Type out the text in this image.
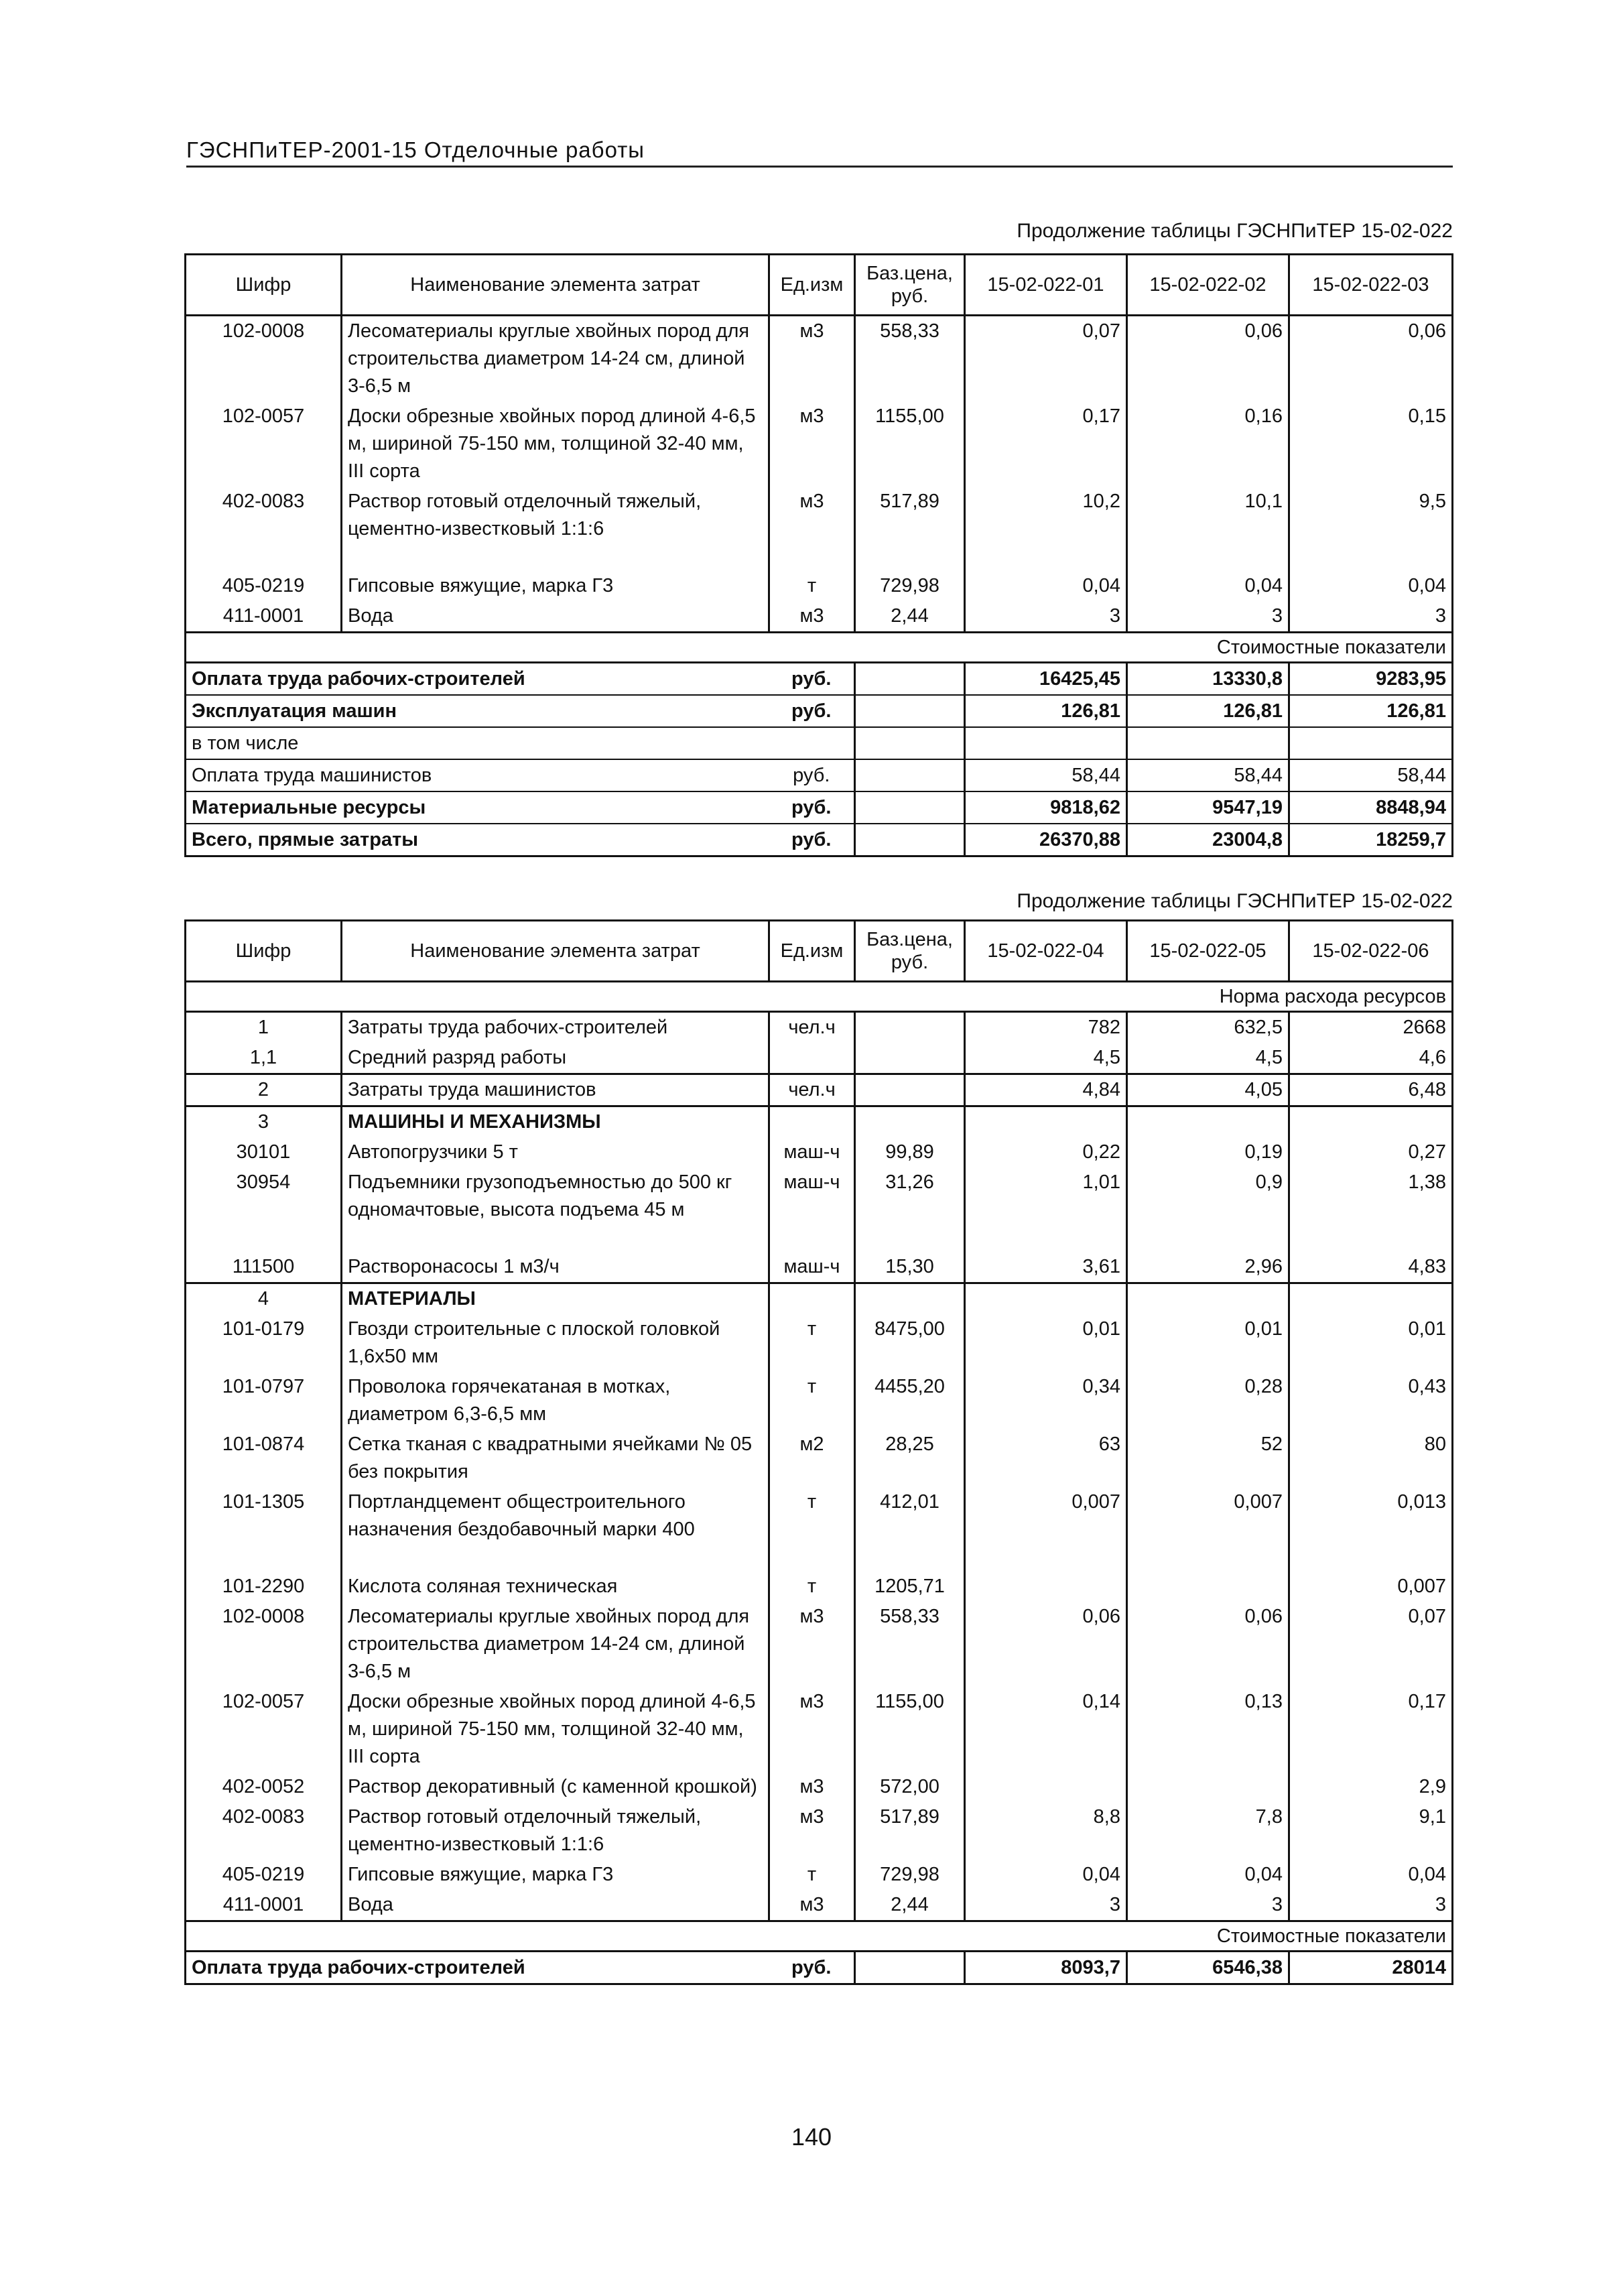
ГЭСНПиТЕР-2001-15 Отделочные работы
Продолжение таблицы ГЭСНПиТЕР 15-02-022
Шифр	Наименование элемента затрат	Ед.изм	Баз.цена, руб.	15-02-022-01	15-02-022-02	15-02-022-03
102-0008	Лесоматериалы круглые хвойных пород для строительства диаметром 14-24 см, длиной 3-6,5 м	м3	558,33	0,07	0,06	0,06
102-0057	Доски обрезные хвойных пород длиной 4-6,5 м, шириной 75-150 мм, толщиной 32-40 мм, III сорта	м3	1155,00	0,17	0,16	0,15
402-0083	Раствор готовый отделочный тяжелый, цементно-известковый 1:1:6	м3	517,89	10,2	10,1	9,5

405-0219	Гипсовые вяжущие, марка Г3	т	729,98	0,04	0,04	0,04
411-0001	Вода	м3	2,44	3	3	3
Стоимостные показатели						
Оплата труда рабочих-строителей		руб.		16425,45	13330,8	9283,95
Эксплуатация машин		руб.		126,81	126,81	126,81
в том числе						
Оплата труда машинистов		руб.		58,44	58,44	58,44
Материальные ресурсы		руб.		9818,62	9547,19	8848,94
Всего, прямые затраты		руб.		26370,88	23004,8	18259,7
Продолжение таблицы ГЭСНПиТЕР 15-02-022
Шифр	Наименование элемента затрат	Ед.изм	Баз.цена, руб.	15-02-022-04	15-02-022-05	15-02-022-06
Норма расхода ресурсов						
1	Затраты труда рабочих-строителей	чел.ч		782	632,5	2668
1,1	Средний разряд работы			4,5	4,5	4,6
2	Затраты труда машинистов	чел.ч		4,84	4,05	6,48
3	МАШИНЫ И МЕХАНИЗМЫ					
30101	Автопогрузчики 5 т	маш-ч	99,89	0,22	0,19	0,27
30954	Подъемники грузоподъемностью до 500 кг одномачтовые, высота подъема 45 м	маш-ч	31,26	1,01	0,9	1,38

111500	Растворонасосы 1 м3/ч	маш-ч	15,30	3,61	2,96	4,83
4	МАТЕРИАЛЫ					
101-0179	Гвозди строительные с плоской головкой 1,6х50 мм	т	8475,00	0,01	0,01	0,01
101-0797	Проволока горячекатаная в мотках, диаметром 6,3-6,5 мм	т	4455,20	0,34	0,28	0,43
101-0874	Сетка тканая с квадратными ячейками № 05 без покрытия	м2	28,25	63	52	80
101-1305	Портландцемент общестроительного назначения бездобавочный марки 400	т	412,01	0,007	0,007	0,013

101-2290	Кислота соляная техническая	т	1205,71			0,007
102-0008	Лесоматериалы круглые хвойных пород для строительства диаметром 14-24 см, длиной 3-6,5 м	м3	558,33	0,06	0,06	0,07
102-0057	Доски обрезные хвойных пород длиной 4-6,5 м, шириной 75-150 мм, толщиной 32-40 мм, III сорта	м3	1155,00	0,14	0,13	0,17
402-0052	Раствор декоративный (с каменной крошкой)	м3	572,00			2,9
402-0083	Раствор готовый отделочный тяжелый, цементно-известковый 1:1:6	м3	517,89	8,8	7,8	9,1
405-0219	Гипсовые вяжущие, марка Г3	т	729,98	0,04	0,04	0,04
411-0001	Вода	м3	2,44	3	3	3
Стоимостные показатели						
Оплата труда рабочих-строителей		руб.		8093,7	6546,38	28014
140
